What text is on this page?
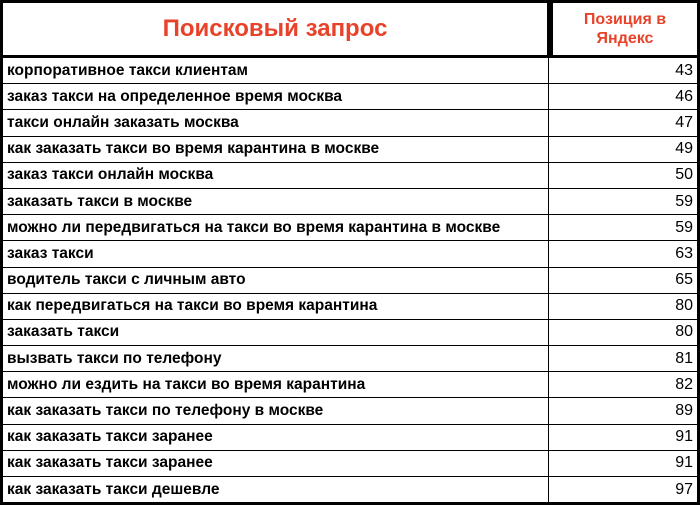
Поисковый запрос	Позиция в
Яндекс
корпоративное такси клиентам	43
заказ такси на определенное время москва	46
такси онлайн заказать москва	47
как заказать такси во время карантина в москве	49
заказ такси онлайн москва	50
заказать такси в москве	59
можно ли передвигаться на такси во время карантина в москве	59
заказ такси	63
водитель такси с личным авто	65
как передвигаться на такси во время карантина	80
заказать такси	80
вызвать такси по телефону	81
можно ли ездить на такси во время карантина	82
как заказать такси по телефону в москве	89
как заказать такси заранее	91
как заказать такси заранее	91
как заказать такси дешевле	97
